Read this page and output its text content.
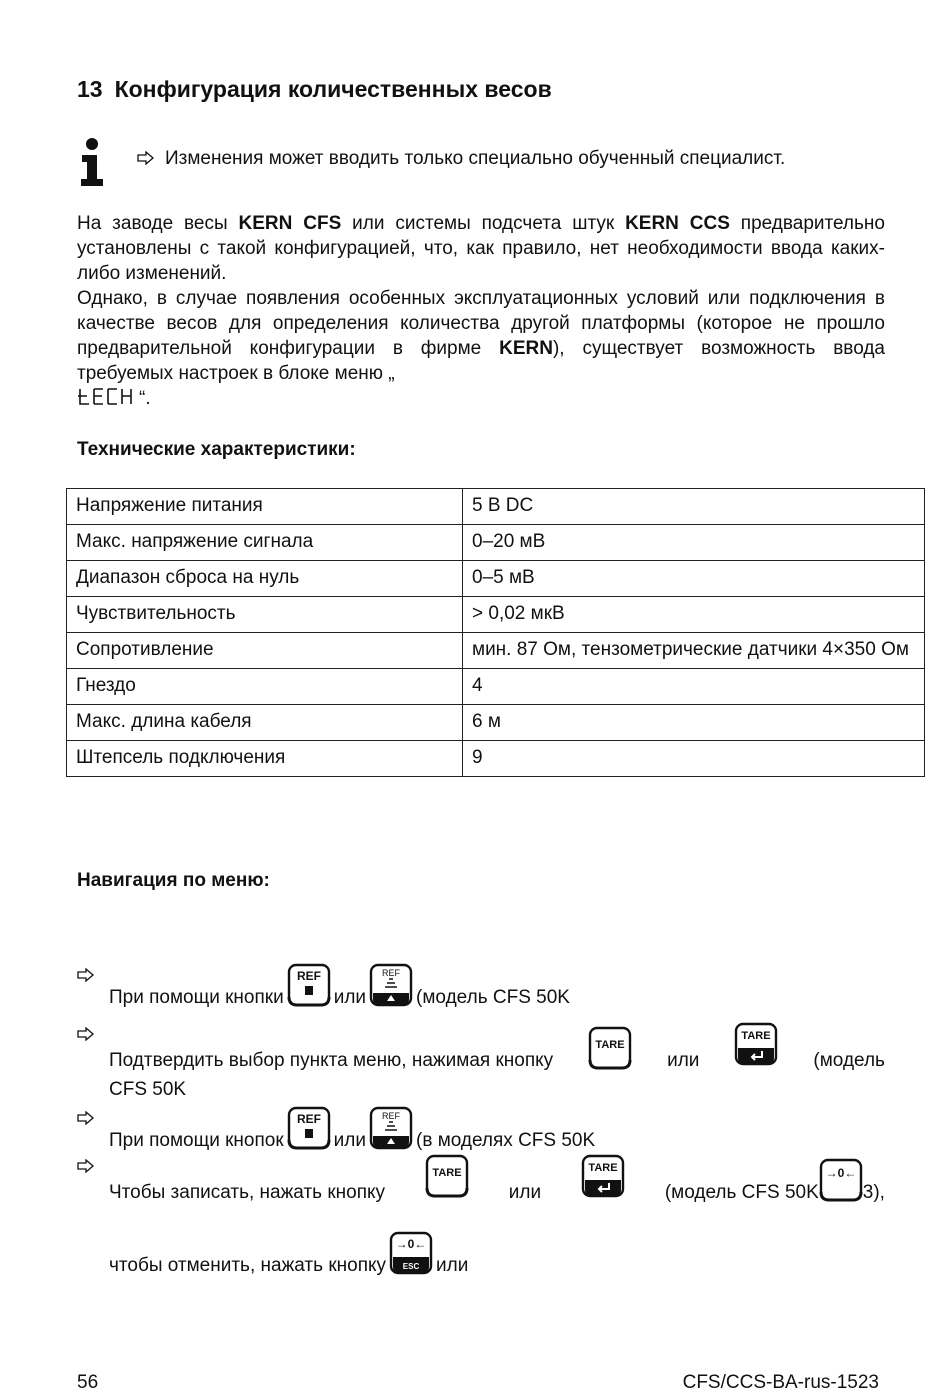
13 Конфигурация количественных весов
Изменения может вводить только специально обученный специалист.
На заводе весы KERN CFS или системы подсчета штук KERN CCS предварительно установлены с такой конфигурацией, что, как правило, нет необходимости ввода каких-либо изменений.
Однако, в случае появления особенных эксплуатационных условий или подключения в качестве весов для определения количества другой платформы (которое не прошло предварительной конфигурации в фирме KERN), существует возможность ввода требуемых настроек в блоке меню „
“.
Технические характеристики:
Напряжение питания	5 В DC
Макс. напряжение сигнала	0–20 мВ
Диапазон сброса на нуль	0–5 мВ
Чувствительность	> 0,02 мкВ
Сопротивление	мин. 87 Ом, тензометрические датчики 4×350 Ом
Гнездо	4
Макс. длина кабеля	6 м
Штепсель подключения	9
Навигация по меню:
При помощи кнопки
REF
или
REF
(модель CFS 50K
Подтвердить выбор пункта меню, нажимая кнопку
TARE
или
TARE
(модель
CFS 50K
При помощи кнопок
REF
или
REF
(в моделях CFS 50K
Чтобы записать, нажать кнопку
TARE
или
TARE
(модель CFS 50K
→0←
3),
чтобы отменить, нажать кнопку
→0←
ESC или
56	CFS/CCS-BA-rus-1523
